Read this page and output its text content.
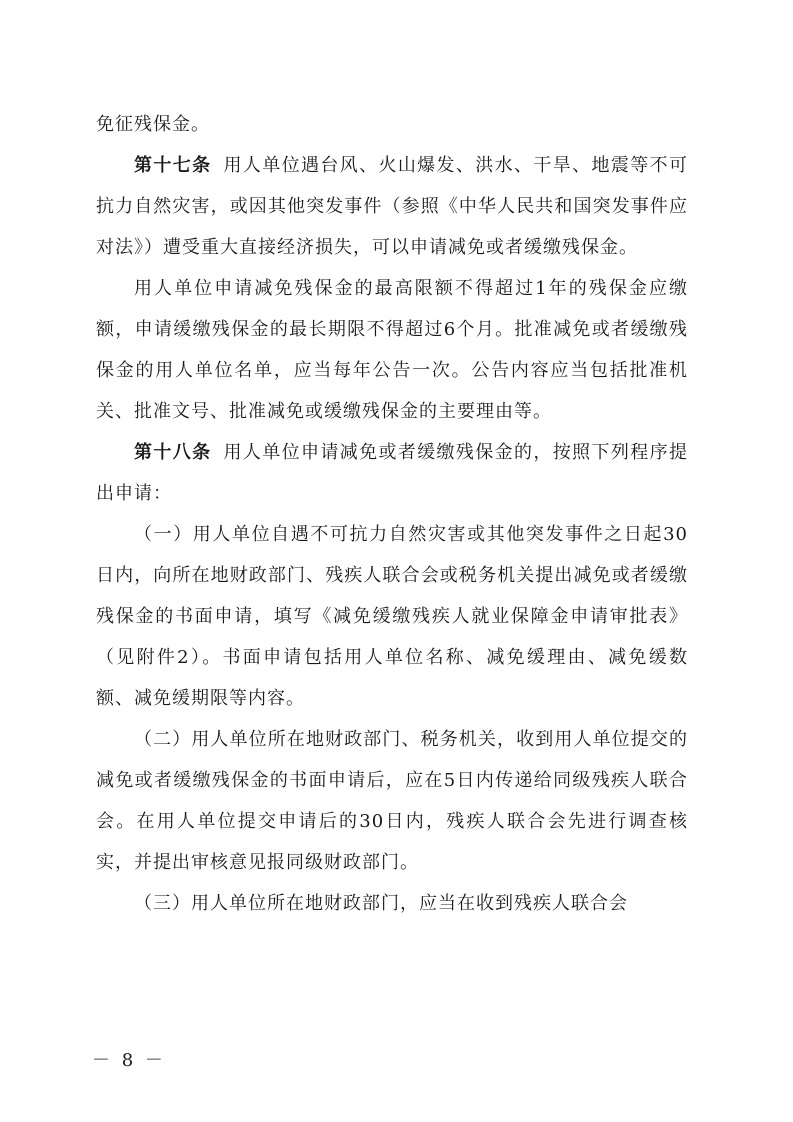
免征残保金。

第十七条 用人单位遇台风、火山爆发、洪水、干旱、地震等不可抗力自然灾害，或因其他突发事件（参照《中华人民共和国突发事件应对法》）遭受重大直接经济损失，可以申请减免或者缓缴残保金。

用人单位申请减免残保金的最高限额不得超过1年的残保金应缴额，申请缓缴残保金的最长期限不得超过6个月。批准减免或者缓缴残保金的用人单位名单，应当每年公告一次。公告内容应当包括批准机关、批准文号、批准减免或缓缴残保金的主要理由等。

第十八条 用人单位申请减免或者缓缴残保金的，按照下列程序提出申请：

（一）用人单位自遇不可抗力自然灾害或其他突发事件之日起30日内，向所在地财政部门、残疾人联合会或税务机关提出减免或者缓缴残保金的书面申请，填写《减免缓缴残疾人就业保障金申请审批表》（见附件2）。书面申请包括用人单位名称、减免缓理由、减免缓数额、减免缓期限等内容。

（二）用人单位所在地财政部门、税务机关，收到用人单位提交的减免或者缓缴残保金的书面申请后，应在5日内传递给同级残疾人联合会。在用人单位提交申请后的30日内，残疾人联合会先进行调查核实，并提出审核意见报同级财政部门。

（三）用人单位所在地财政部门，应当在收到残疾人联合会

－ 8 －
